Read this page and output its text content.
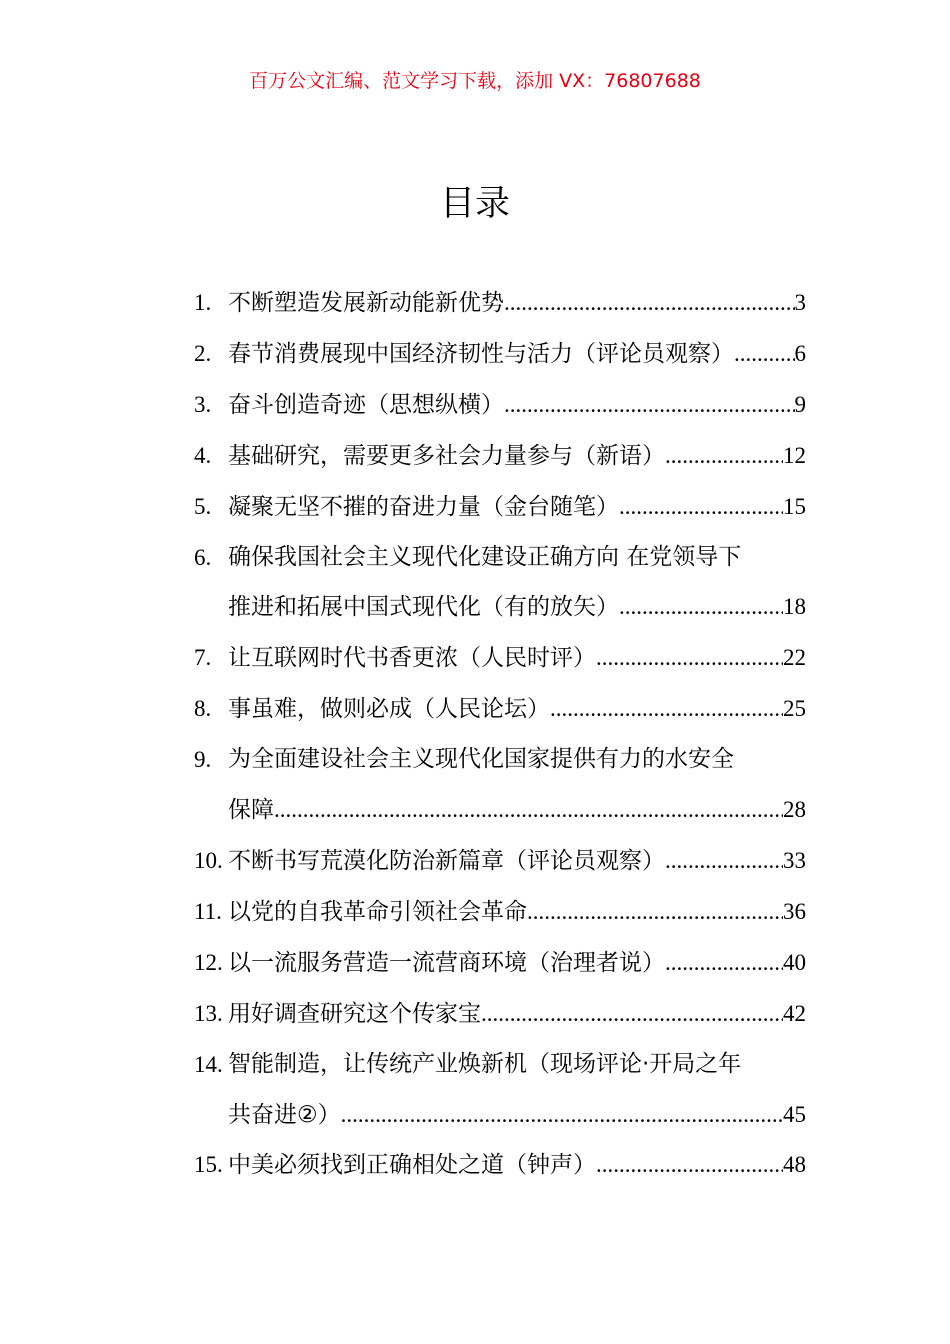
百万公文汇编、范文学习下载，添加 VX：76807688
目录
1. 不断塑造发展新动能新优势 .....	3
2. 春节消费展现中国经济韧性与活力（评论员观察） .....	6
3. 奋斗创造奇迹（思想纵横） .....	9
4. 基础研究，需要更多社会力量参与（新语） .....	12
5. 凝聚无坚不摧的奋进力量（金台随笔） .....	15
6. 确保我国社会主义现代化建设正确方向 在党领导下
推进和拓展中国式现代化（有的放矢） .....	18
7. 让互联网时代书香更浓（人民时评） .....	22
8. 事虽难，做则必成（人民论坛） .....	25
9. 为全面建设社会主义现代化国家提供有力的水安全
保障 .....	28
10. 不断书写荒漠化防治新篇章（评论员观察） .....	33
11. 以党的自我革命引领社会革命 .....	36
12. 以一流服务营造一流营商环境（治理者说） .....	40
13. 用好调查研究这个传家宝 .....	42
14. 智能制造，让传统产业焕新机（现场评论·开局之年
共奋进②） .....	45
15. 中美必须找到正确相处之道（钟声） .....	48
